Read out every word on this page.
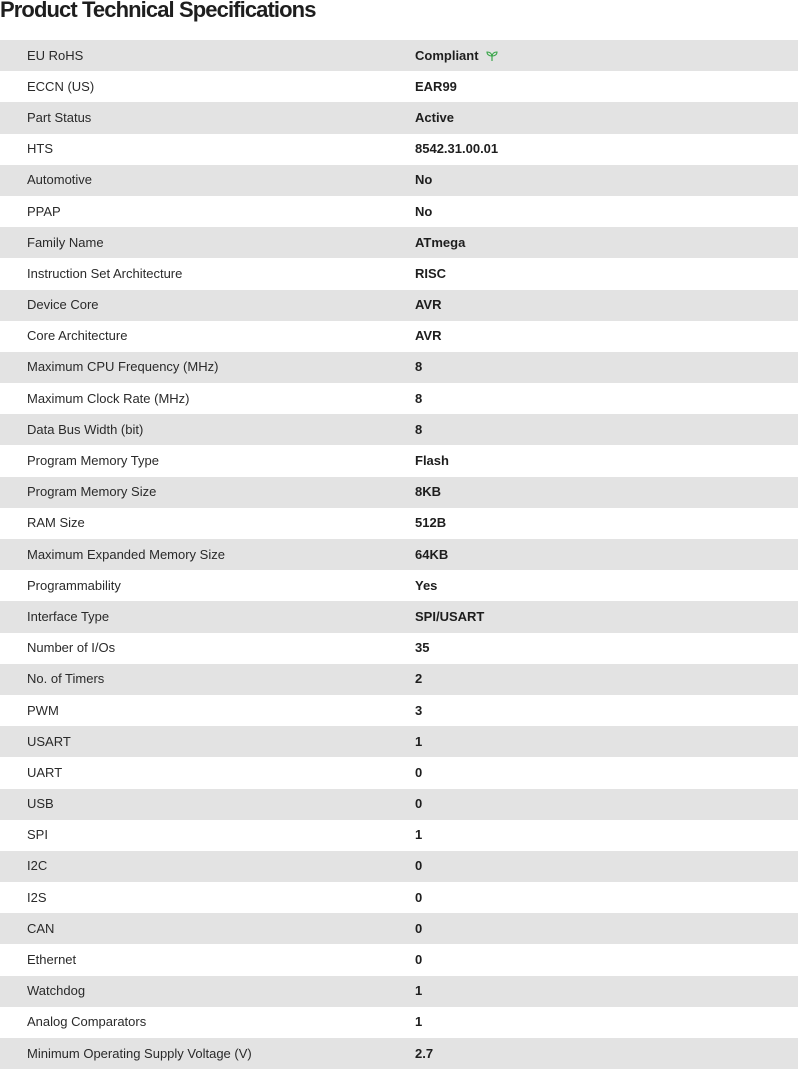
Product Technical Specifications
EU RoHS	Compliant
ECCN (US)	EAR99
Part Status	Active
HTS	8542.31.00.01
Automotive	No
PPAP	No
Family Name	ATmega
Instruction Set Architecture	RISC
Device Core	AVR
Core Architecture	AVR
Maximum CPU Frequency (MHz)	8
Maximum Clock Rate (MHz)	8
Data Bus Width (bit)	8
Program Memory Type	Flash
Program Memory Size	8KB
RAM Size	512B
Maximum Expanded Memory Size	64KB
Programmability	Yes
Interface Type	SPI/USART
Number of I/Os	35
No. of Timers	2
PWM	3
USART	1
UART	0
USB	0
SPI	1
I2C	0
I2S	0
CAN	0
Ethernet	0
Watchdog	1
Analog Comparators	1
Minimum Operating Supply Voltage (V)	2.7
